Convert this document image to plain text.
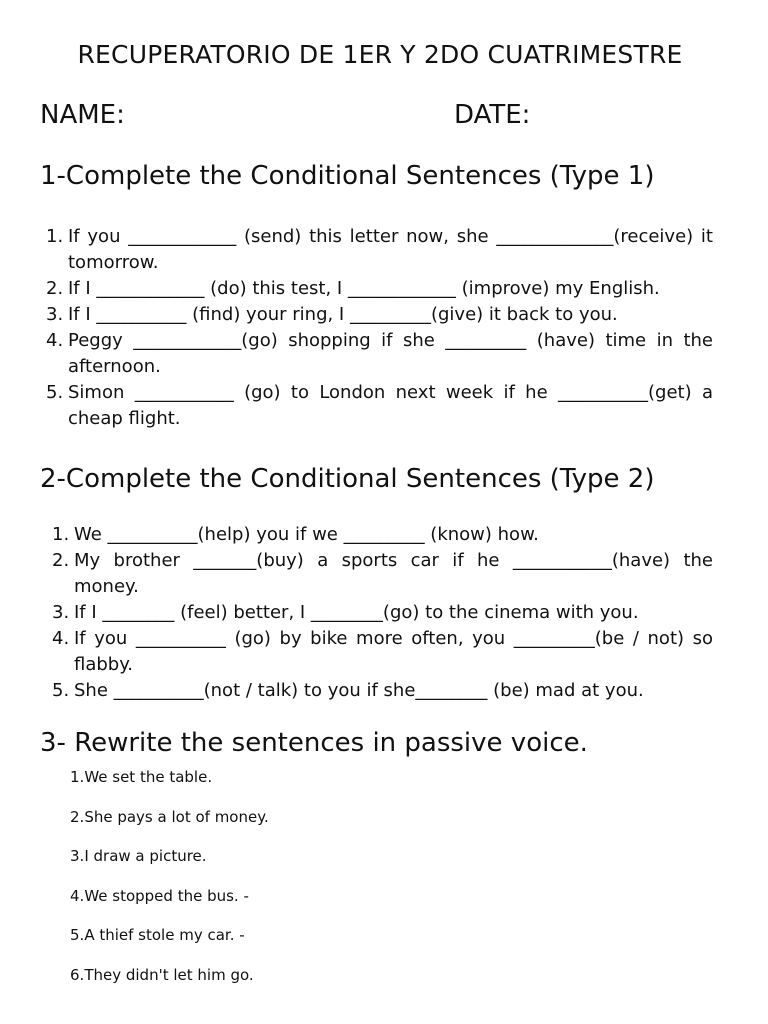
RECUPERATORIO DE 1ER Y 2DO CUATRIMESTRE
NAME:	DATE:
1-Complete the Conditional Sentences (Type 1)
1. If you ____________ (send) this letter now, she _____________(receive) it tomorrow.
2. If I ____________ (do) this test, I ____________ (improve) my English.
3. If I __________ (find) your ring, I _________(give) it back to you.
4. Peggy ____________(go) shopping if she _________ (have) time in the afternoon.
5. Simon ___________ (go) to London next week if he __________(get) a cheap flight.
2-Complete the Conditional Sentences (Type 2)
1. We __________(help) you if we _________ (know) how.
2. My brother _______(buy) a sports car if he ___________(have) the money.
3. If I ________ (feel) better, I ________(go) to the cinema with you.
4. If you __________ (go) by bike more often, you _________(be / not) so flabby.
5. She __________(not / talk) to you if she________ (be) mad at you.
3- Rewrite the sentences in passive voice.
1.We set the table.
2.She pays a lot of money.
3.I draw a picture.
4.We stopped the bus. -
5.A thief stole my car. -
6.They didn't let him go.
